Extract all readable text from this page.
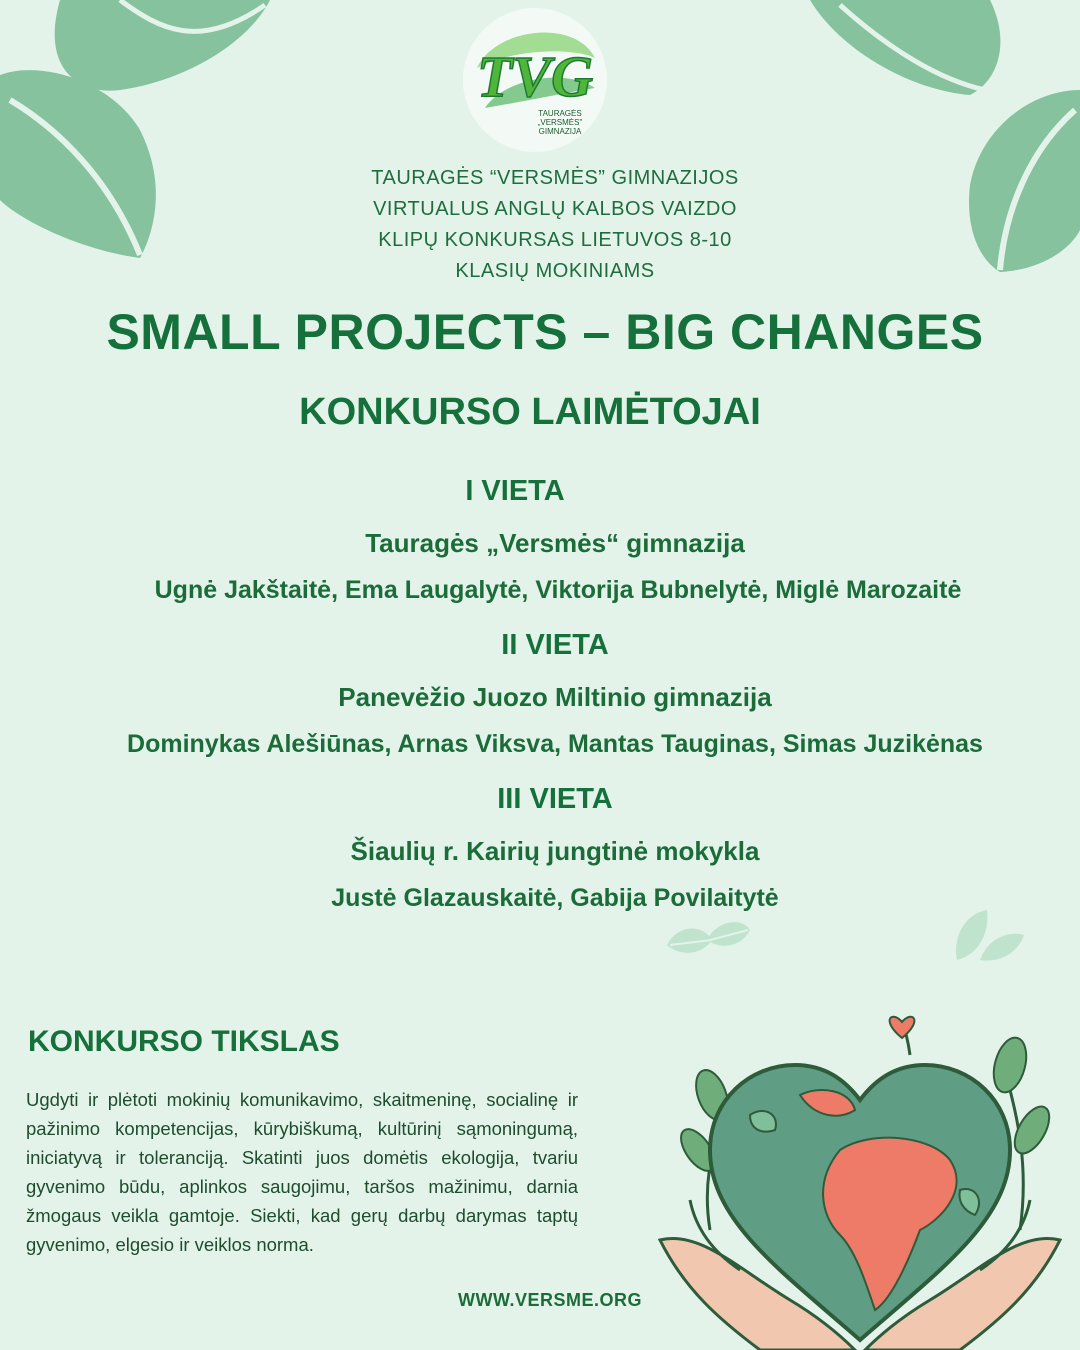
TVG
TAURAGĖS
„VERSMĖS"
GIMNAZIJA

TAURAGĖS “VERSMĖS” GIMNAZIJOS

VIRTUALUS ANGLŲ KALBOS VAIZDO

KLIPŲ KONKURSAS LIETUVOS 8-10

KLASIŲ MOKINIAMS

SMALL PROJECTS – BIG CHANGES
KONKURSO LAIMĖTOJAI
I VIETA
Tauragės „Versmės“ gimnazija
Ugnė Jakštaitė, Ema Laugalytė, Viktorija Bubnelytė, Miglė Marozaitė
II VIETA
Panevėžio Juozo Miltinio gimnazija
Dominykas Alešiūnas, Arnas Viksva, Mantas Tauginas, Simas Juzikėnas
III VIETA
Šiaulių r. Kairių jungtinė mokykla
Justė Glazauskaitė, Gabija Povilaitytė
KONKURSO TIKSLAS

Ugdyti ir plėtoti mokinių komunikavimo, skaitmeninę, socialinę ir pažinimo kompetencijas, kūrybiškumą, kultūrinį sąmoningumą, iniciatyvą ir toleranciją. Skatinti juos domėtis ekologija, tvariu gyvenimo būdu, aplinkos saugojimu, taršos mažinimu, darnia žmogaus veikla gamtoje. Siekti, kad gerų darbų darymas taptų gyvenimo, elgesio ir veiklos norma.

WWW.VERSME.ORG
